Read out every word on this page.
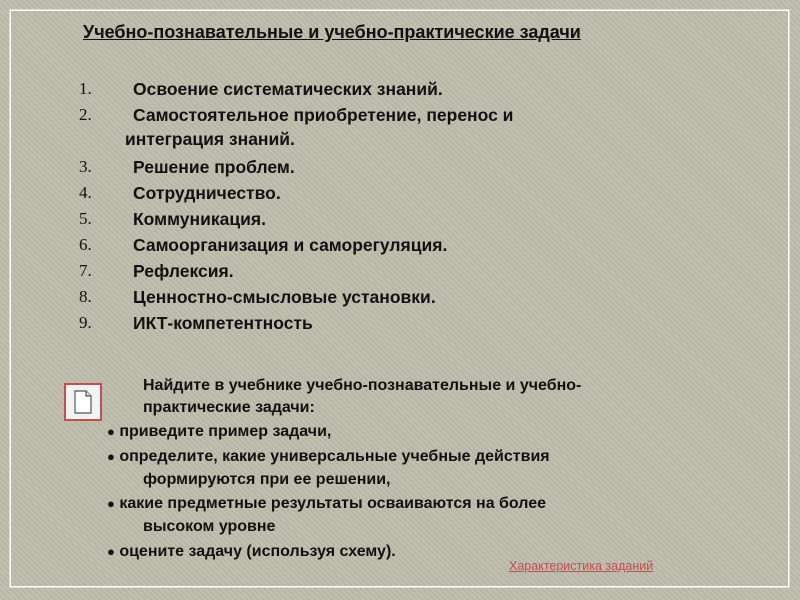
Учебно-познавательные и учебно-практические задачи
1. Освоение систематических знаний.
2. Самостоятельное приобретение, перенос и
интеграция знаний.
3. Решение проблем.
4. Сотрудничество.
5. Коммуникация.
6. Самоорганизация и саморегуляция.
7. Рефлексия.
8. Ценностно-смысловые установки.
9. ИКТ-компетентность
Найдите в учебнике учебно-познавательные и учебно-
практические задачи:
● приведите пример задачи,
● определите, какие универсальные учебные действия
формируются при ее решении,
● какие предметные результаты осваиваются на более
высоком уровне
● оцените задачу (используя схему).
Характеристика заданий
